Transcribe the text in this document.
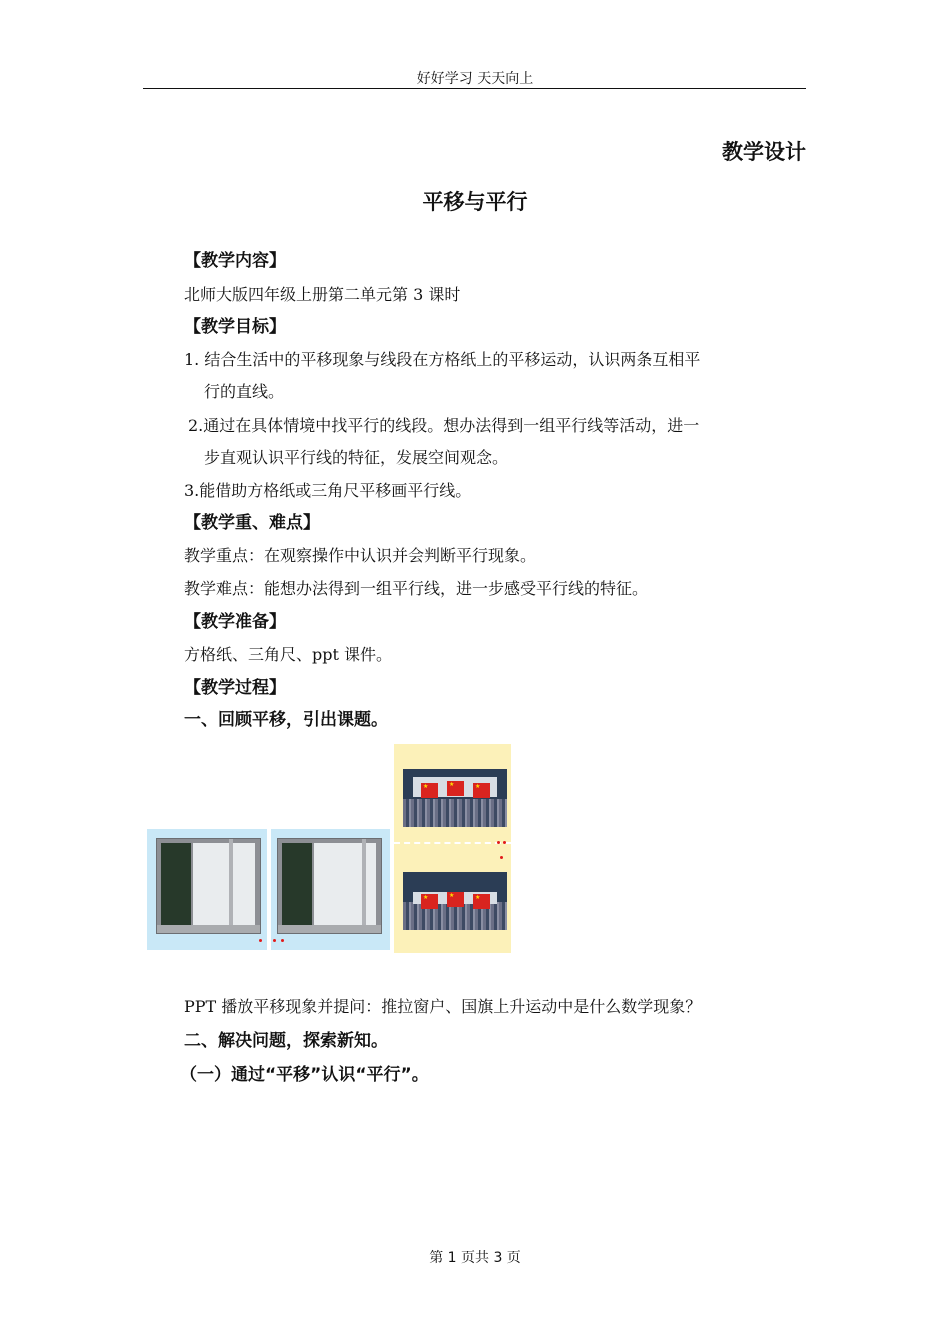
好好学习 天天向上
教学设计
平移与平行
【教学内容】
北师大版四年级上册第二单元第 3 课时
【教学目标】
1. 结合生活中的平移现象与线段在方格纸上的平移运动，认识两条互相平
行的直线。
2.通过在具体情境中找平行的线段。想办法得到一组平行线等活动，进一
步直观认识平行线的特征，发展空间观念。
3.能借助方格纸或三角尺平移画平行线。
【教学重、难点】
教学重点：在观察操作中认识并会判断平行现象。
教学难点：能想办法得到一组平行线，进一步感受平行线的特征。
【教学准备】
方格纸、三角尺、ppt 课件。
【教学过程】
一、回顾平移，引出课题。
★	★	★
★	★	★
PPT 播放平移现象并提问：推拉窗户、国旗上升运动中是什么数学现象？
二、解决问题，探索新知。
（一）通过“平移”认识“平行”。
第 1 页共 3 页
